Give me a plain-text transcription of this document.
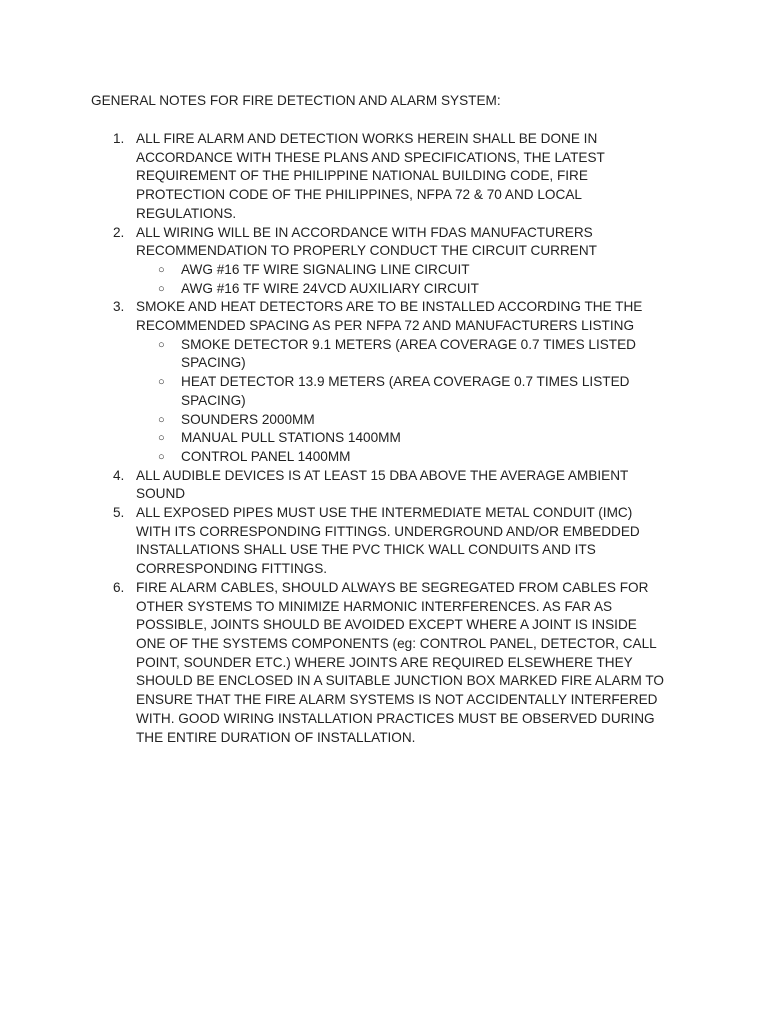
GENERAL NOTES FOR FIRE DETECTION AND ALARM SYSTEM:
1. ALL FIRE ALARM AND DETECTION WORKS HEREIN SHALL BE DONE IN
ACCORDANCE WITH THESE PLANS AND SPECIFICATIONS, THE LATEST
REQUIREMENT OF THE PHILIPPINE NATIONAL BUILDING CODE, FIRE
PROTECTION CODE OF THE PHILIPPINES, NFPA 72 & 70 AND LOCAL
REGULATIONS.
2. ALL WIRING WILL BE IN ACCORDANCE WITH FDAS MANUFACTURERS
RECOMMENDATION TO PROPERLY CONDUCT THE CIRCUIT CURRENT
○ AWG #16 TF WIRE SIGNALING LINE CIRCUIT
○ AWG #16 TF WIRE 24VCD AUXILIARY CIRCUIT
3. SMOKE AND HEAT DETECTORS ARE TO BE INSTALLED ACCORDING THE THE
RECOMMENDED SPACING AS PER NFPA 72 AND MANUFACTURERS LISTING
○ SMOKE DETECTOR 9.1 METERS (AREA COVERAGE 0.7 TIMES LISTED
SPACING)
○ HEAT DETECTOR 13.9 METERS (AREA COVERAGE 0.7 TIMES LISTED
SPACING)
○ SOUNDERS 2000MM
○ MANUAL PULL STATIONS 1400MM
○ CONTROL PANEL 1400MM
4. ALL AUDIBLE DEVICES IS AT LEAST 15 DBA ABOVE THE AVERAGE AMBIENT
SOUND
5. ALL EXPOSED PIPES MUST USE THE INTERMEDIATE METAL CONDUIT (IMC)
WITH ITS CORRESPONDING FITTINGS. UNDERGROUND AND/OR EMBEDDED
INSTALLATIONS SHALL USE THE PVC THICK WALL CONDUITS AND ITS
CORRESPONDING FITTINGS.
6. FIRE ALARM CABLES, SHOULD ALWAYS BE SEGREGATED FROM CABLES FOR
OTHER SYSTEMS TO MINIMIZE HARMONIC INTERFERENCES. AS FAR AS
POSSIBLE, JOINTS SHOULD BE AVOIDED EXCEPT WHERE A JOINT IS INSIDE
ONE OF THE SYSTEMS COMPONENTS (eg: CONTROL PANEL, DETECTOR, CALL
POINT, SOUNDER ETC.) WHERE JOINTS ARE REQUIRED ELSEWHERE THEY
SHOULD BE ENCLOSED IN A SUITABLE JUNCTION BOX MARKED FIRE ALARM TO
ENSURE THAT THE FIRE ALARM SYSTEMS IS NOT ACCIDENTALLY INTERFERED
WITH. GOOD WIRING INSTALLATION PRACTICES MUST BE OBSERVED DURING
THE ENTIRE DURATION OF INSTALLATION.
